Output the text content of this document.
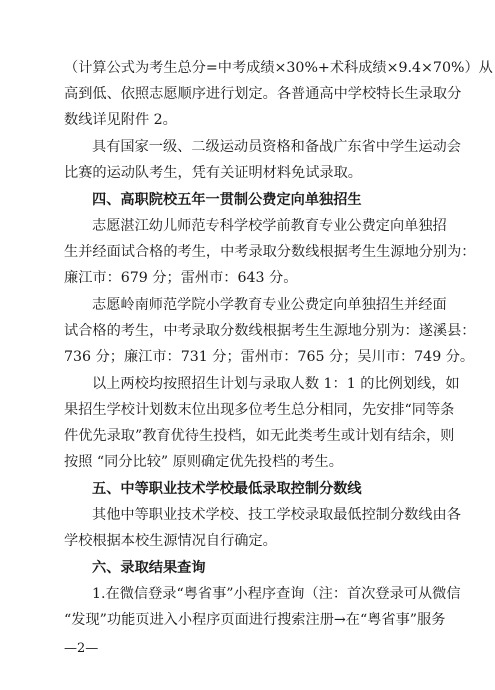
（计算公式为考生总分=中考成绩×30%+术科成绩×9.4×70%）从
高到低、依照志愿顺序进行划定。各普通高中学校特长生录取分
数线详见附件 2。
具有国家一级、二级运动员资格和备战广东省中学生运动会
比赛的运动队考生，凭有关证明材料免试录取。
四、高职院校五年一贯制公费定向单独招生
志愿湛江幼儿师范专科学校学前教育专业公费定向单独招
生并经面试合格的考生，中考录取分数线根据考生生源地分别为：
廉江市：679 分；雷州市：643 分。
志愿岭南师范学院小学教育专业公费定向单独招生并经面
试合格的考生，中考录取分数线根据考生生源地分别为：遂溪县：
736 分；廉江市：731 分；雷州市：765 分；吴川市：749 分。
以上两校均按照招生计划与录取人数 1：1 的比例划线，如
果招生学校计划数末位出现多位考生总分相同，先安排“同等条
件优先录取”教育优待生投档，如无此类考生或计划有结余，则
按照 “同分比较” 原则确定优先投档的考生。
五、中等职业技术学校最低录取控制分数线
其他中等职业技术学校、技工学校录取最低控制分数线由各
学校根据本校生源情况自行确定。
六、录取结果查询
1.在微信登录“粤省事”小程序查询（注：首次登录可从微信
“发现”功能页进入小程序页面进行搜索注册→在“粤省事”服务
—2—
